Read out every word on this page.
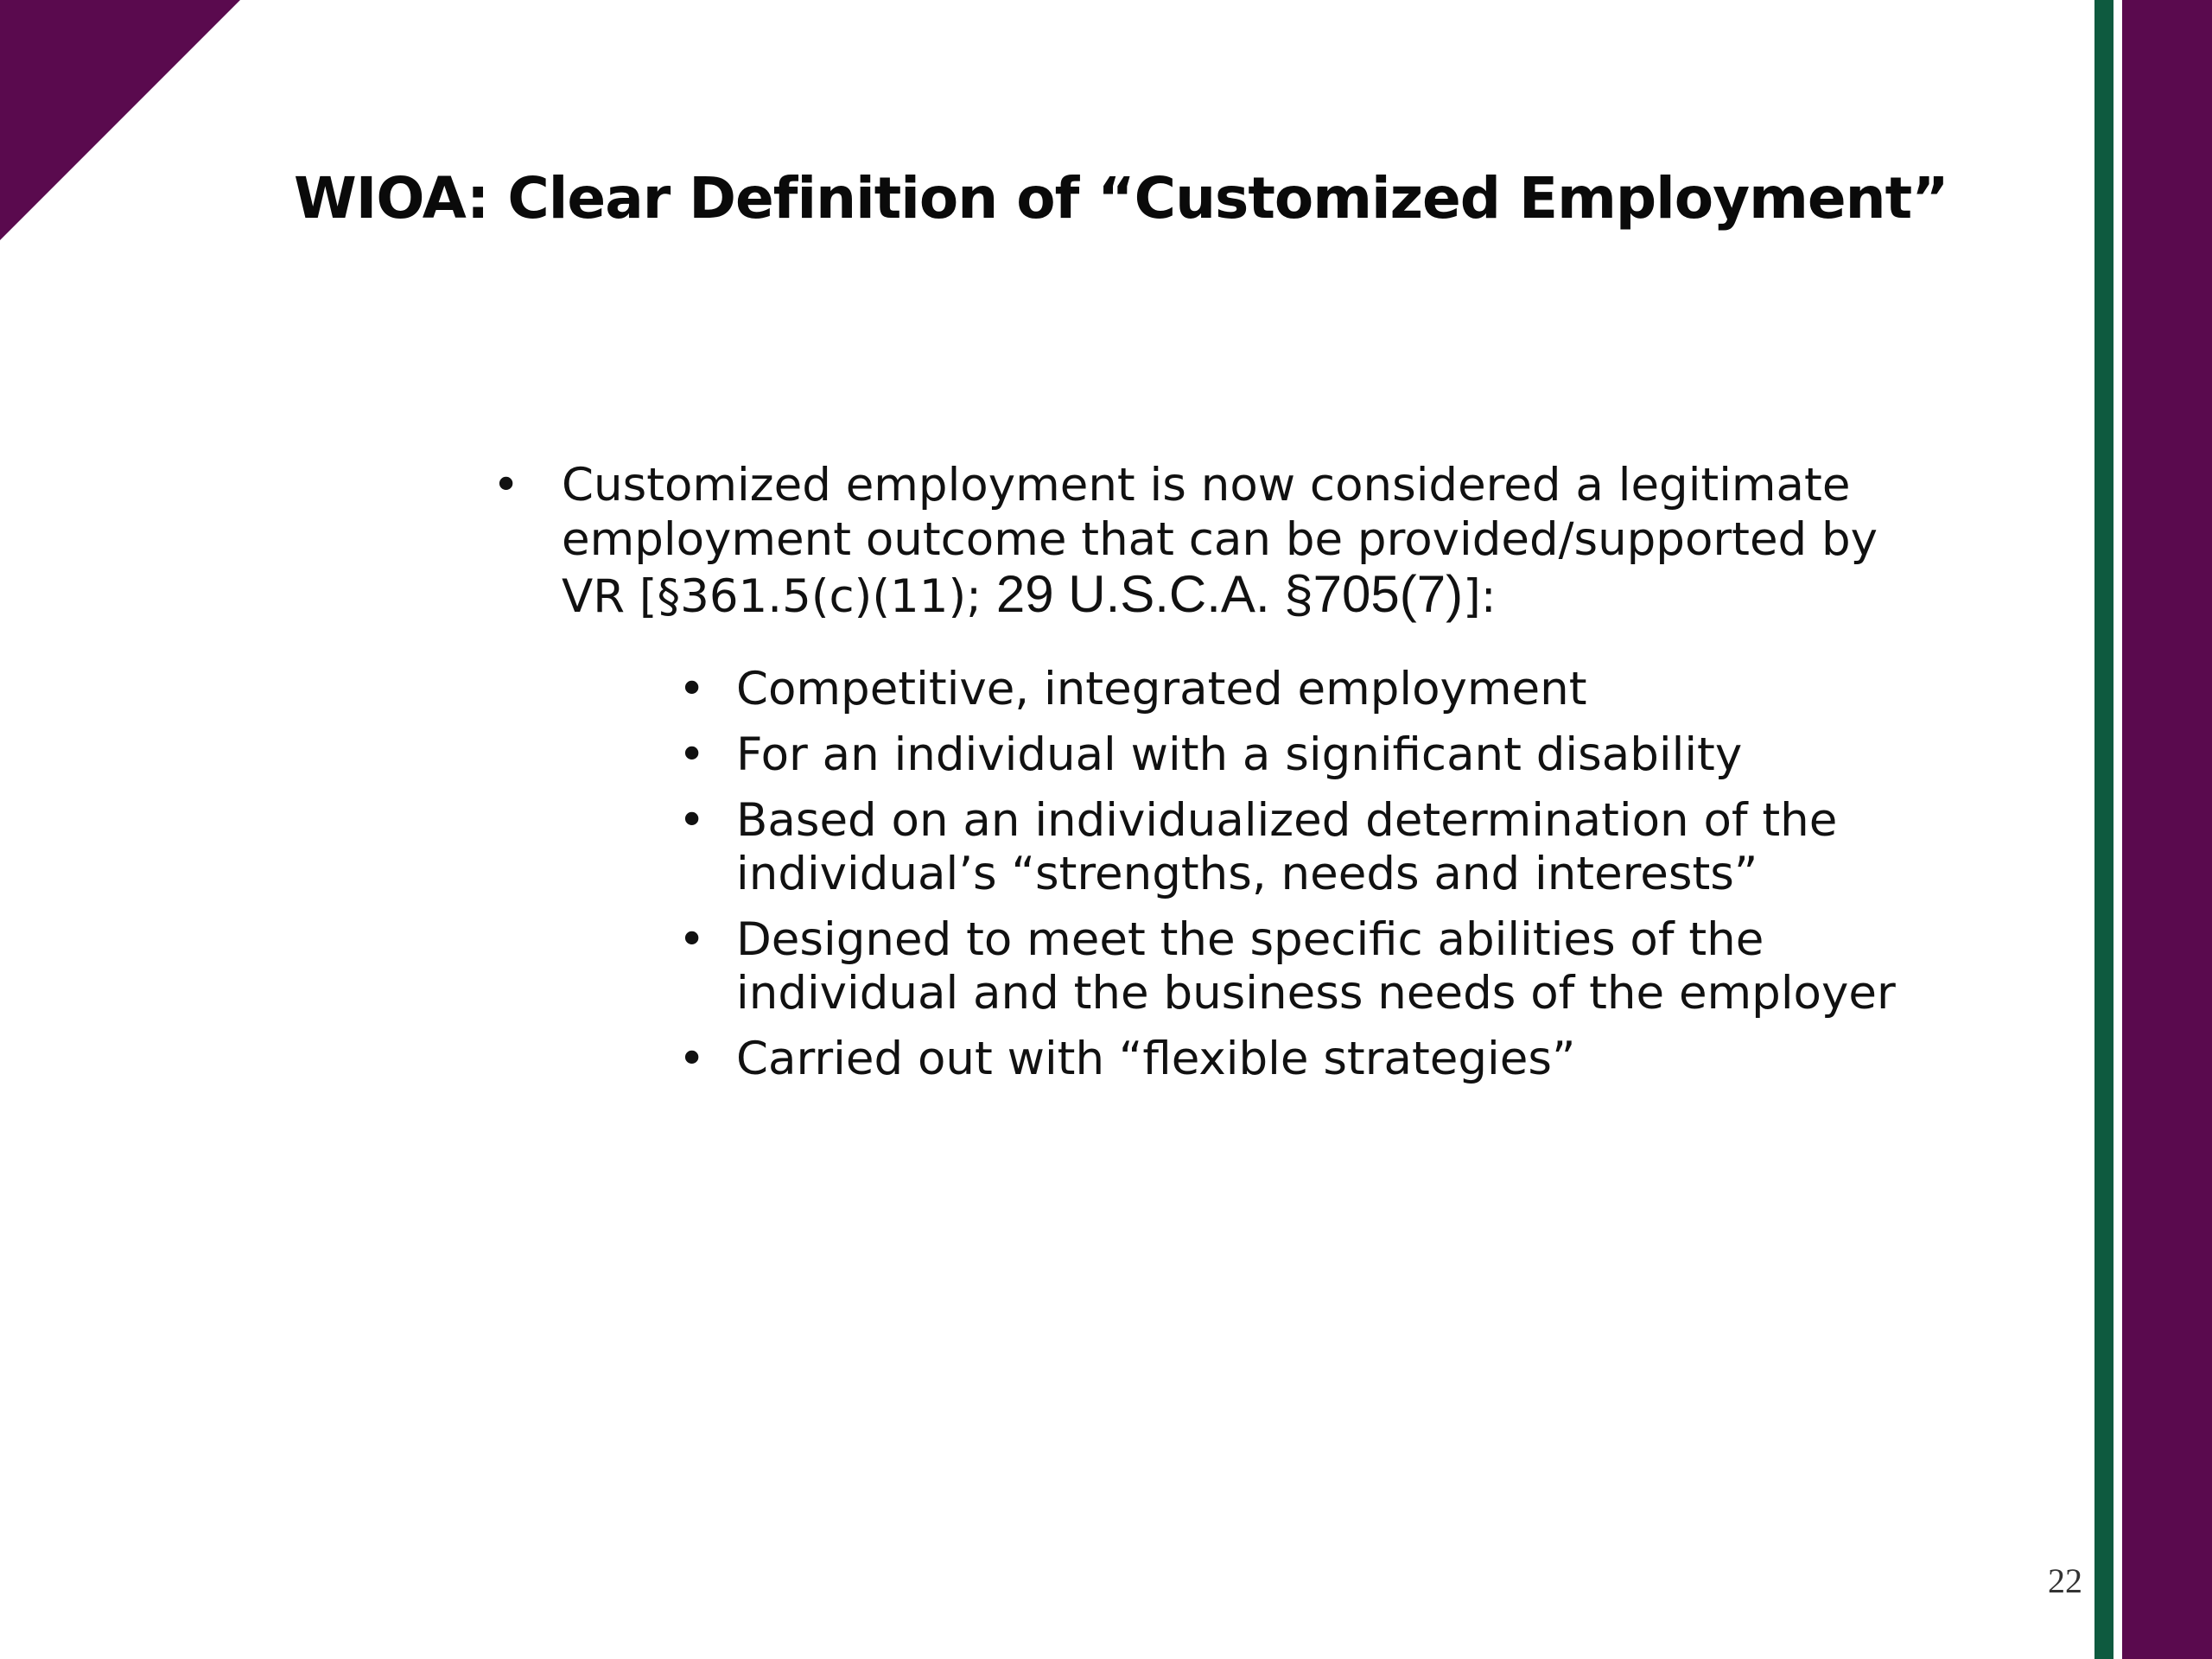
WIOA: Clear Definition of “Customized Employment”
• Customized employment is now considered a legitimate employment outcome that can be provided/supported by VR [§361.5(c)(11); 29 U.S.C.A. §705(7)]:
• Competitive, integrated employment
• For an individual with a significant disability
• Based on an individualized determination of the individual’s “strengths, needs and interests”
• Designed to meet the specific abilities of the individual and the business needs of the employer
• Carried out with “flexible strategies”
22
